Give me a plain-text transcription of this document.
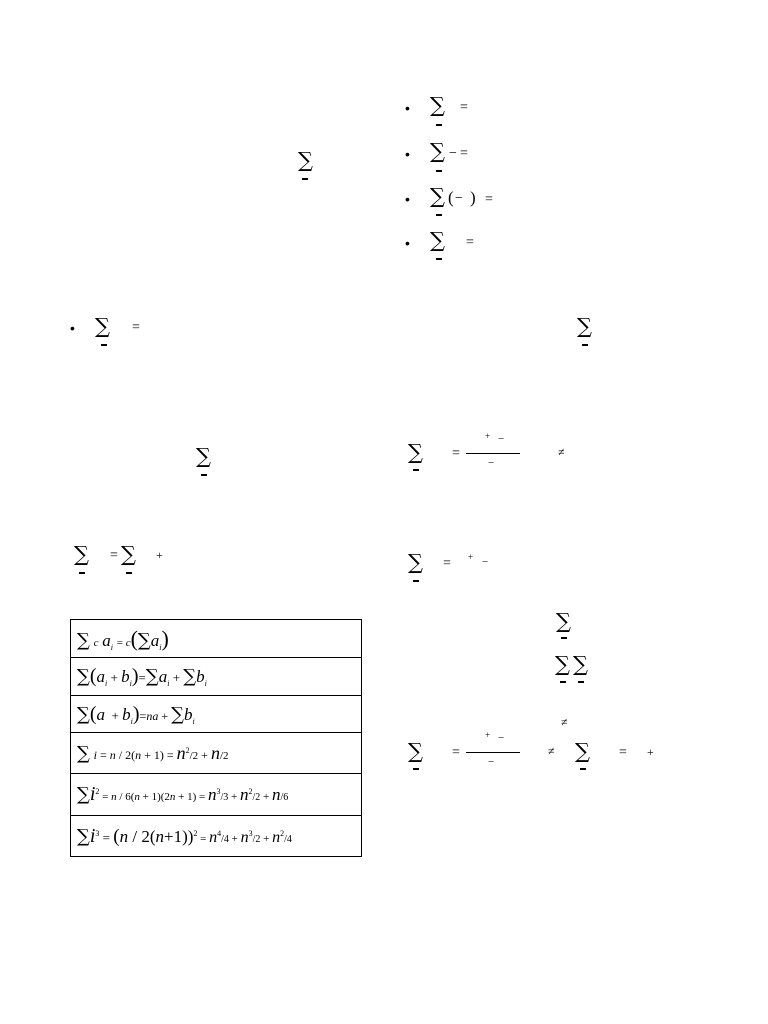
∑
• ∑ =
• ∑ − =
• ∑ ( − ) =
• ∑ =
• ∑ =	∑
∑	∑ =
+ −
−
≠
∑ = ∑ +	∑ = + −
∑
∑ ∑
≠
∑ =
+ −
−
≠ ∑ = +
∑ c $a_i = c(\sum a_i)$
$\sum(a_i + b_i)=\sum a_i + \sum b_i$
$\sum(a + b_i)=na + \sum b_i$
∑ $i = n / 2(n + 1) = n^2/2 + n/2$
$\sum i^2 = n / 6(n + 1)(2n + 1) = n^3/3 + n^2/2 + n/6$
$\sum i^3 = (n / 2(n+1))^2 = n^4/4 + n^3/2 + n^2/4$
